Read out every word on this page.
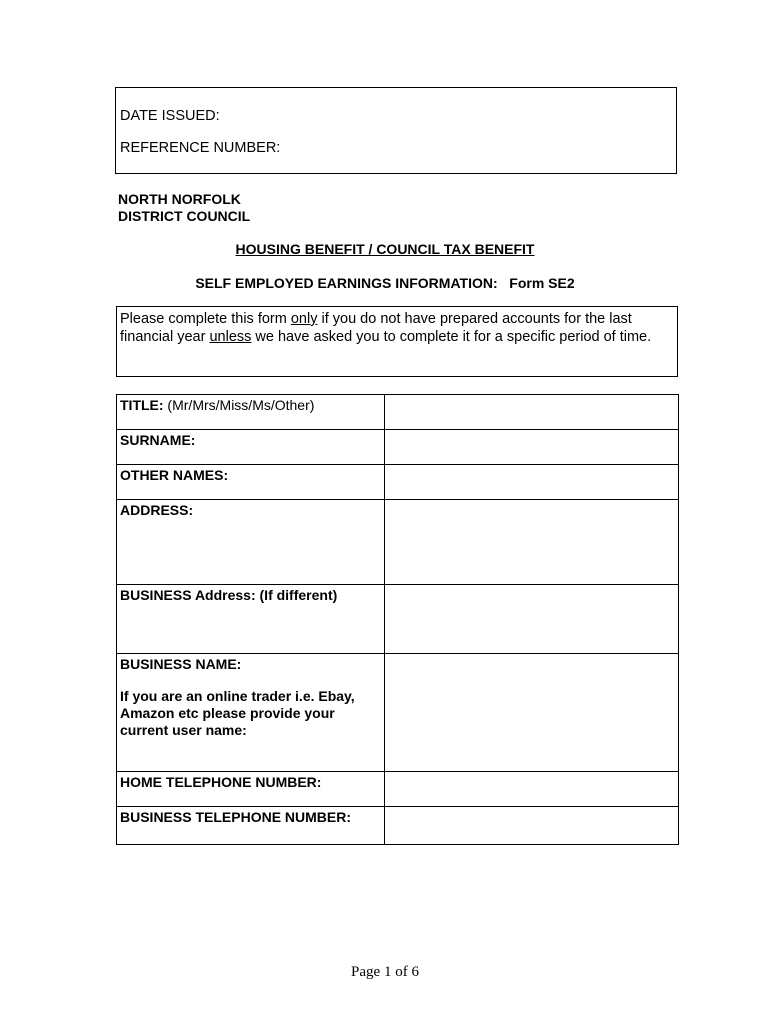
DATE ISSUED:
REFERENCE NUMBER:
NORTH NORFOLK
DISTRICT COUNCIL
HOUSING BENEFIT / COUNCIL TAX BENEFIT
SELF EMPLOYED EARNINGS INFORMATION:   Form SE2
Please complete this form only if you do not have prepared accounts for the last financial year unless we have asked you to complete it for a specific period of time.
TITLE: (Mr/Mrs/Miss/Ms/Other)	
SURNAME:	
OTHER NAMES:	
ADDRESS:	
BUSINESS Address: (If different)	

BUSINESS NAME:
If you are an online trader i.e. Ebay, Amazon etc please provide your current user name:	

HOME TELEPHONE NUMBER:	
BUSINESS TELEPHONE NUMBER:	
Page 1 of 6
